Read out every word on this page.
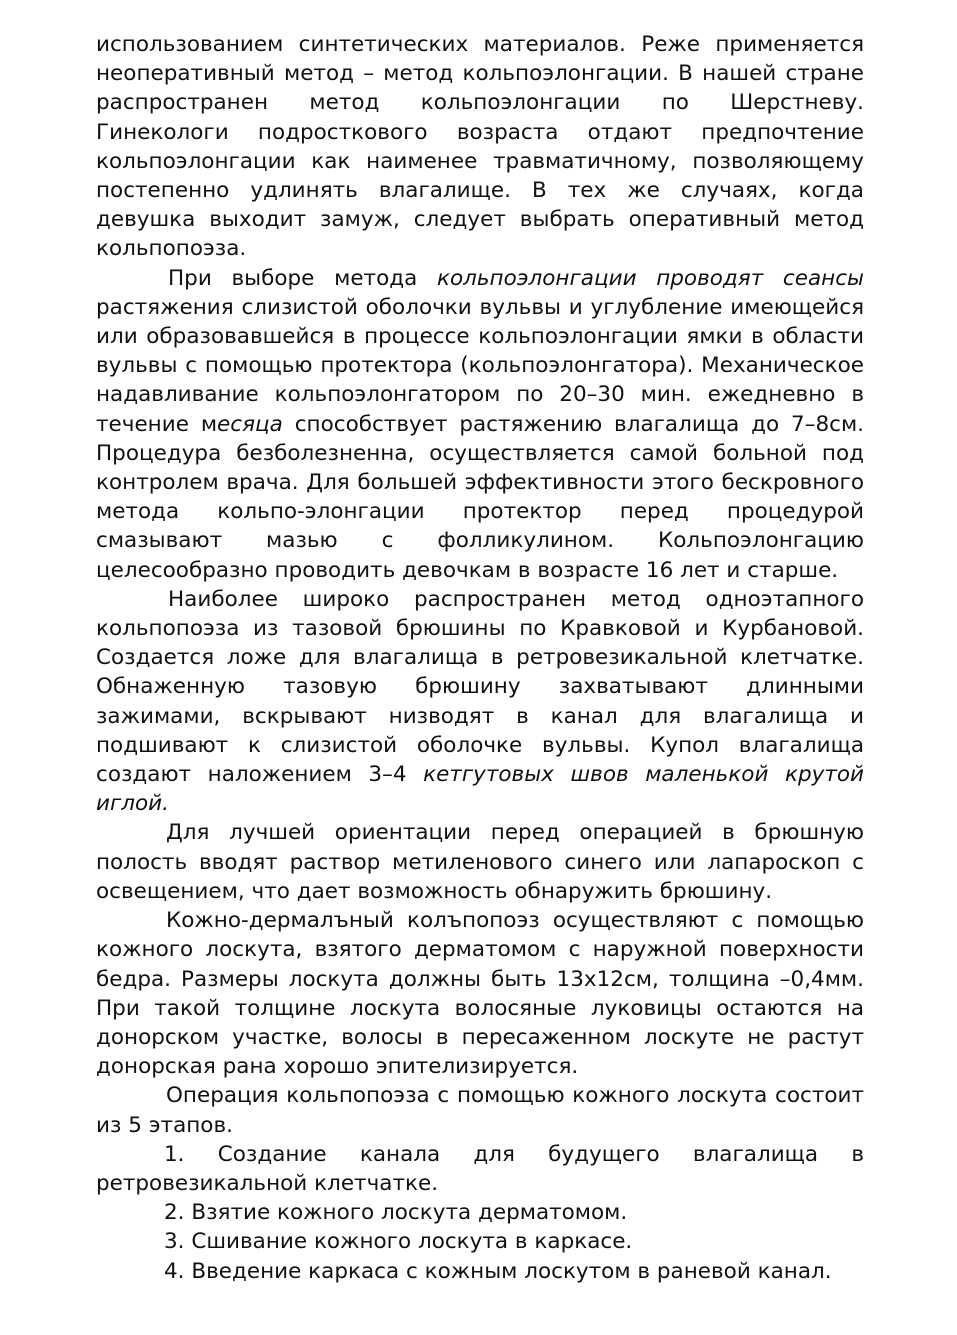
использованием синтетических материалов. Реже применяется неоперативный метод – метод кольпоэлонгации. В нашей стране распространен метод кольпоэлонгации по Шерстневу. Гинекологи подросткового возраста отдают предпочтение кольпоэлонгации как наименее травматичному, позволяющему постепенно удлинять влагалище. В тех же случаях, когда девушка выходит замуж, следует выбрать оперативный метод кольпопоэза.

При выборе метода кольпоэлонгации проводят сеансы растяжения слизистой оболочки вульвы и углубление имеющейся или образовавшейся в процессе кольпоэлонгации ямки в области вульвы с помощью протектора (кольпоэлонгатора). Механическое надавливание кольпоэлонгатором по 20–30 мин. ежедневно в течение месяца способствует растяжению влагалища до 7–8см. Процедура безболезненна, осуществляется самой больной под контролем врача. Для большей эффективности этого бескровного метода кольпо-элонгации протектор перед процедурой смазывают мазью с фолликулином. Кольпоэлонгацию целесообразно проводить девочкам в возрасте 16 лет и старше.

Наиболее широко распространен метод одноэтапного кольпопоэза из тазовой брюшины по Кравковой и Курбановой. Создается ложе для влагалища в ретровезикальной клетчатке. Обнаженную тазовую брюшину захватывают длинными зажимами, вскрывают низводят в канал для влагалища и подшивают к слизистой оболочке вульвы. Купол влагалища создают наложением 3–4 кетгутовых швов маленькой крутой иглой.

Для лучшей ориентации перед операцией в брюшную полость вводят раствор метиленового синего или лапароскоп с освещением, что дает возможность обнаружить брюшину.

Кожно-дермалъный колъпопоэз осуществляют с помощью кожного лоскута, взятого дерматомом с наружной поверхности бедра. Размеры лоскута должны быть 13х12см, толщина –0,4мм. При такой толщине лоскута волосяные луковицы остаются на донорском участке, волосы в пересаженном лоскуте не растут донорская рана хорошо эпителизируется.

Операция кольпопоэза с помощью кожного лоскута состоит из 5 этапов.

1. Создание канала для будущего влагалища в ретровезикальной клетчатке.

2. Взятие кожного лоскута дерматомом.

3. Сшивание кожного лоскута в каркасе.

4. Введение каркаса с кожным лоскутом в раневой канал.
